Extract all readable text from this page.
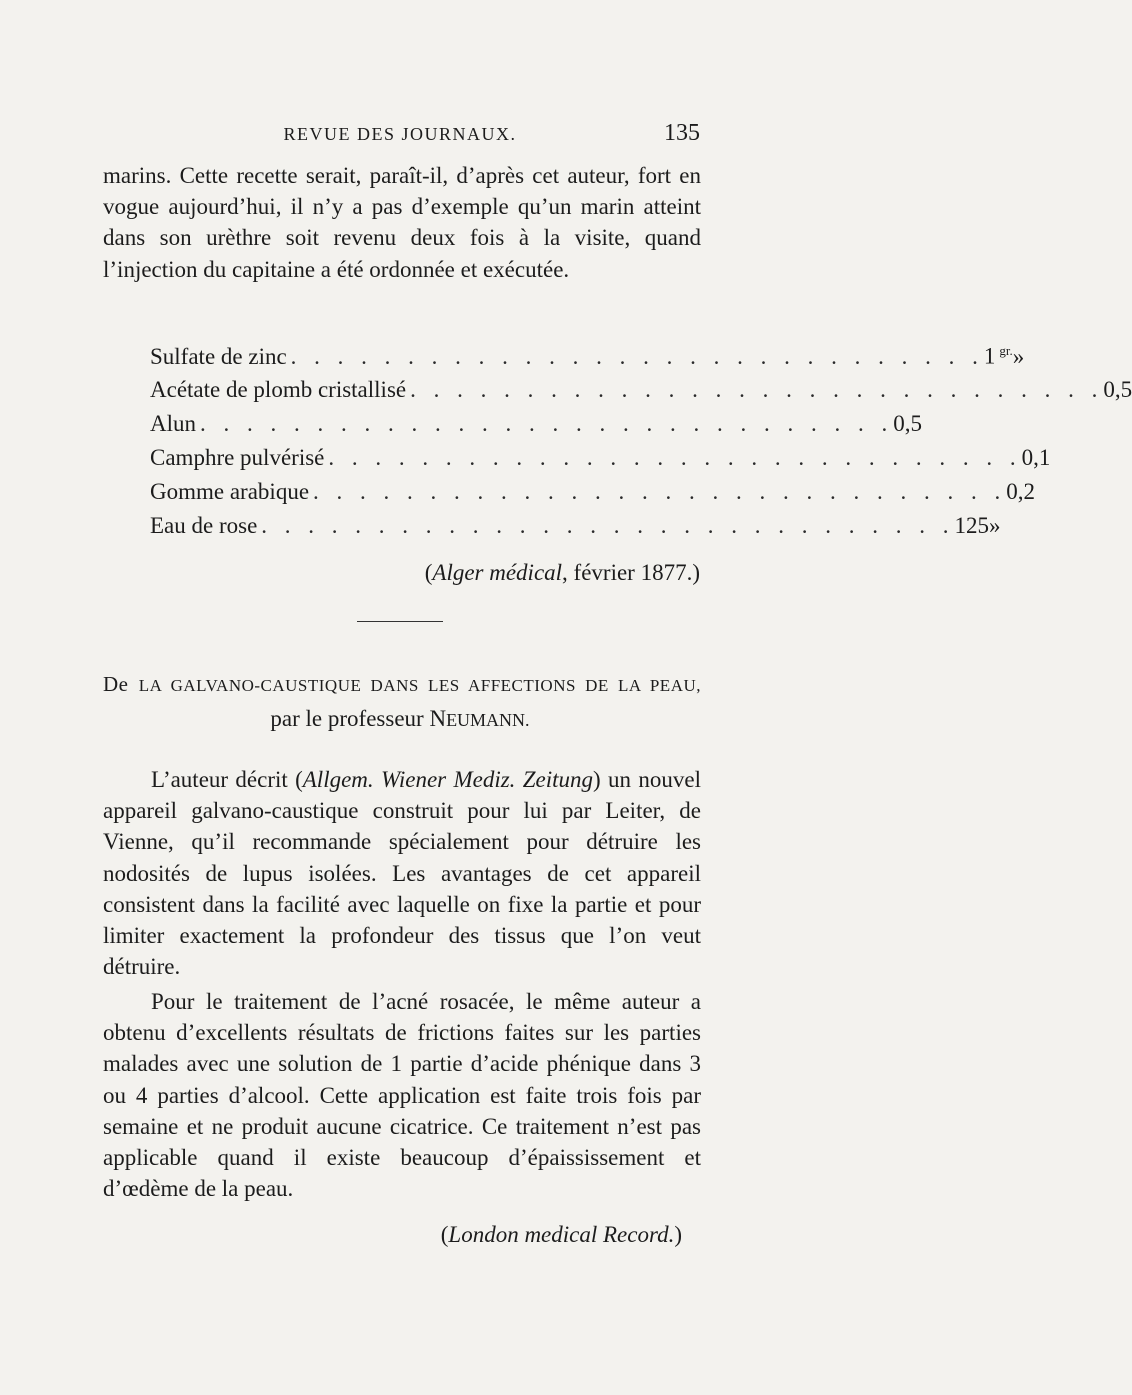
REVUE DES JOURNAUX.	135

marins. Cette recette serait, paraît-il, d’après cet auteur, fort en vogue aujourd’hui, il n’y a pas d’exemple qu’un marin atteint dans son urèthre soit revenu deux fois à la visite, quand l’injection du capitaine a été ordonnée et exécutée.

Sulfate de zinc . . . . . . . . . . . . . . . . . . . . . . . . . . . . . . 1 $^{gr.}$ »
Acétate de plomb cristallisé . . . . . . . . . . . . . . . . . . . . . . . . . . . . . . 0, 5
Alun . . . . . . . . . . . . . . . . . . . . . . . . . . . . . . 0, 5
Camphre pulvérisé . . . . . . . . . . . . . . . . . . . . . . . . . . . . . . 0, 1
Gomme arabique . . . . . . . . . . . . . . . . . . . . . . . . . . . . . . 0, 2
Eau de rose . . . . . . . . . . . . . . . . . . . . . . . . . . . . . . 125 »
(Alger médical, février 1877.)
De LA GALVANO-CAUSTIQUE DANS LES AFFECTIONS DE LA PEAU,
par le professeur NEUMANN.

L’auteur décrit (Allgem. Wiener Mediz. Zeitung) un nouvel appareil galvano-caustique construit pour lui par Leiter, de Vienne, qu’il recommande spécialement pour détruire les nodosités de lupus isolées. Les avantages de cet appareil consistent dans la facilité avec laquelle on fixe la partie et pour limiter exactement la profondeur des tissus que l’on veut détruire.

Pour le traitement de l’acné rosacée, le même auteur a obtenu d’excellents résultats de frictions faites sur les parties malades avec une solution de 1 partie d’acide phénique dans 3 ou 4 parties d’alcool. Cette application est faite trois fois par semaine et ne produit aucune cicatrice. Ce traitement n’est pas applicable quand il existe beaucoup d’épaississement et d’œdème de la peau.

(London medical Record.)
